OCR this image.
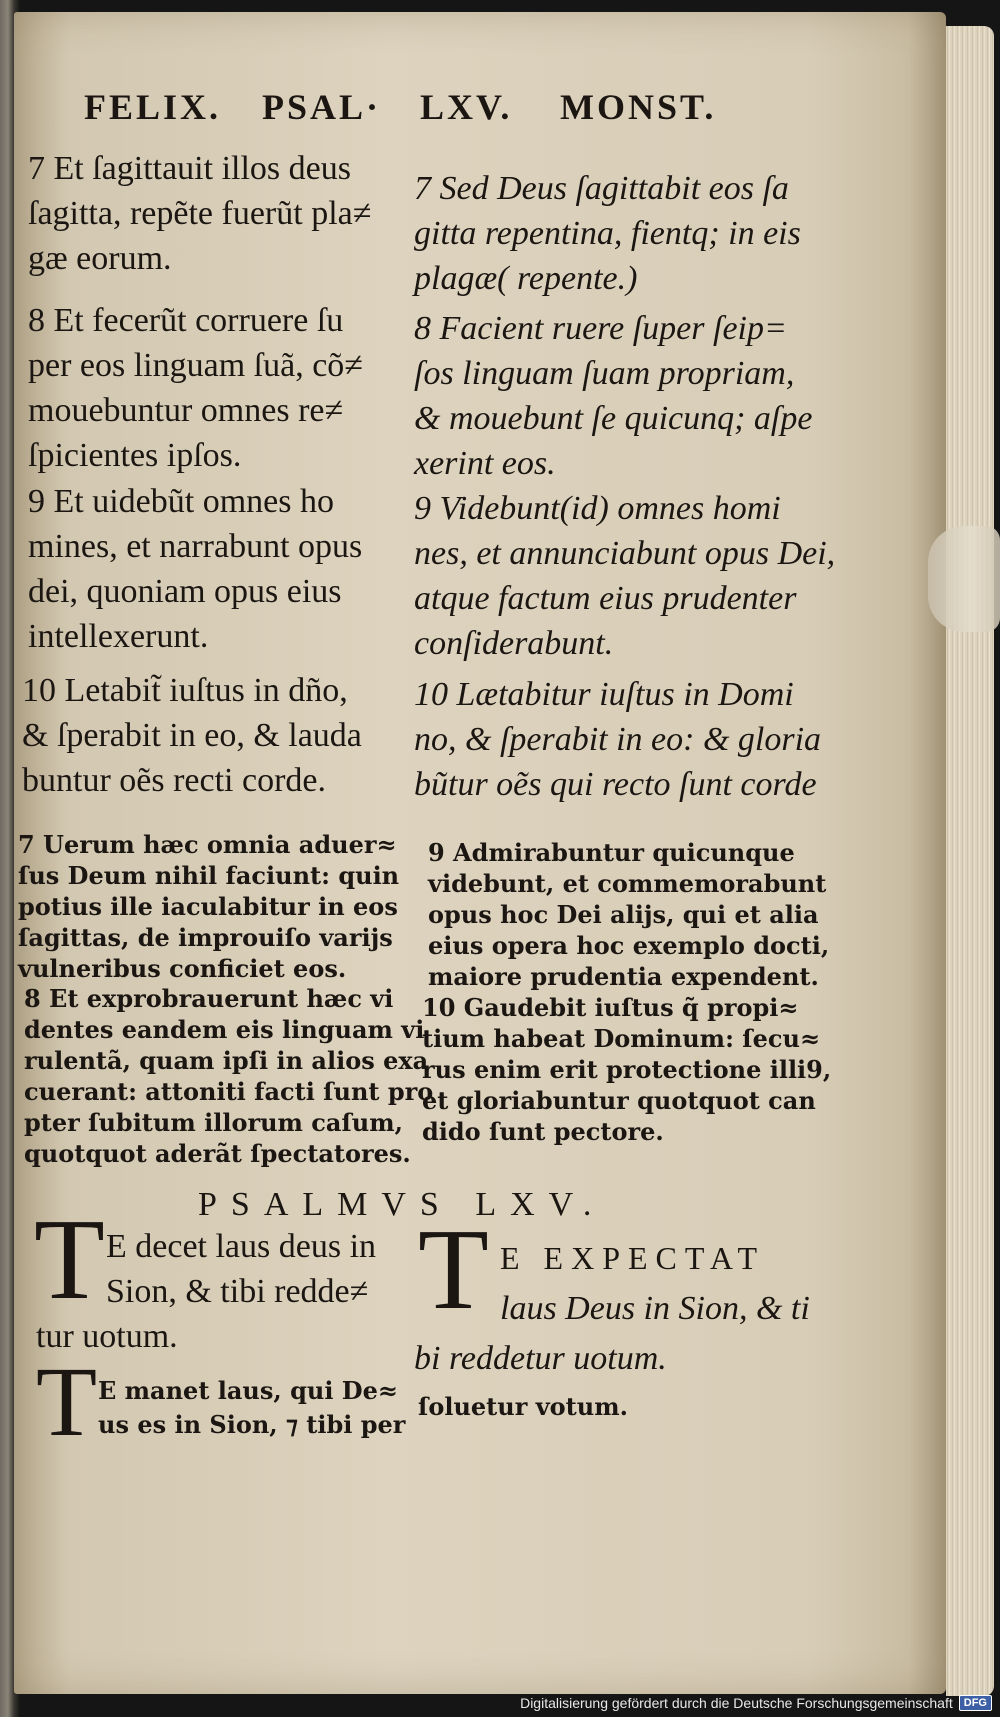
FELIX. PSAL· LXV. MONST.
7 Et ſagittauit illos deus
ſagitta, repẽte fuerũt pla≠
gæ eorum.
8 Et fecerũt corruere ſu
per eos linguam ſuã, cõ≠
mouebuntur omnes re≠
ſpicientes ipſos.
9 Et uidebũt omnes ho
mines, et narrabunt opus
dei, quoniam opus eius
intellexerunt.
10 Letabit̃ iuſtus in dño,
& ſperabit in eo, & lauda
buntur oẽs recti corde.
7 Sed Deus ſagittabit eos ſa
gitta repentina, fientq; in eis
plagæ( repente.)
8 Facient ruere ſuper ſeip=
ſos linguam ſuam propriam,
& mouebunt ſe quicunq; aſpe
xerint eos.
9 Videbunt(id) omnes homi
nes, et annunciabunt opus Dei,
atque factum eius prudenter
conſiderabunt.
10 Lætabitur iuſtus in Domi
no, & ſperabit in eo: & gloria
bũtur oẽs qui recto ſunt corde
7 Uerum hæc omnia aduer≈
ſus Deum nihil faciunt: quin
potius ille iaculabitur in eos
ſagittas, de improuiſo varijs
vulneribus conficiet eos.
8 Et exprobrauerunt hæc vi
dentes eandem eis linguam vi
rulentã, quam ipſi in alios exa
cuerant: attoniti facti ſunt pro
pter ſubitum illorum caſum,
quotquot aderãt ſpectatores.
9 Admirabuntur quicunque
videbunt, et commemorabunt
opus hoc Dei alijs, qui et alia
eius opera hoc exemplo docti,
maiore prudentia expendent.
10 Gaudebit iuſtus q̃ propi≈
tium habeat Dominum: ſecu≈
rus enim erit protectione illi9,
et gloriabuntur quotquot can
dido ſunt pectore.
PSALMVS LXV.
T E decet laus deus in
Sion, & tibi redde≠
tur uotum.
T E manet laus, qui De≈
us es in Sion, ⁊ tibi per
T E EXPECTAT
laus Deus in Sion, & ti
bi reddetur uotum.
ſoluetur votum.
Digitalisierung gefördert durch die Deutsche Forschungsgemeinschaft	DFG
